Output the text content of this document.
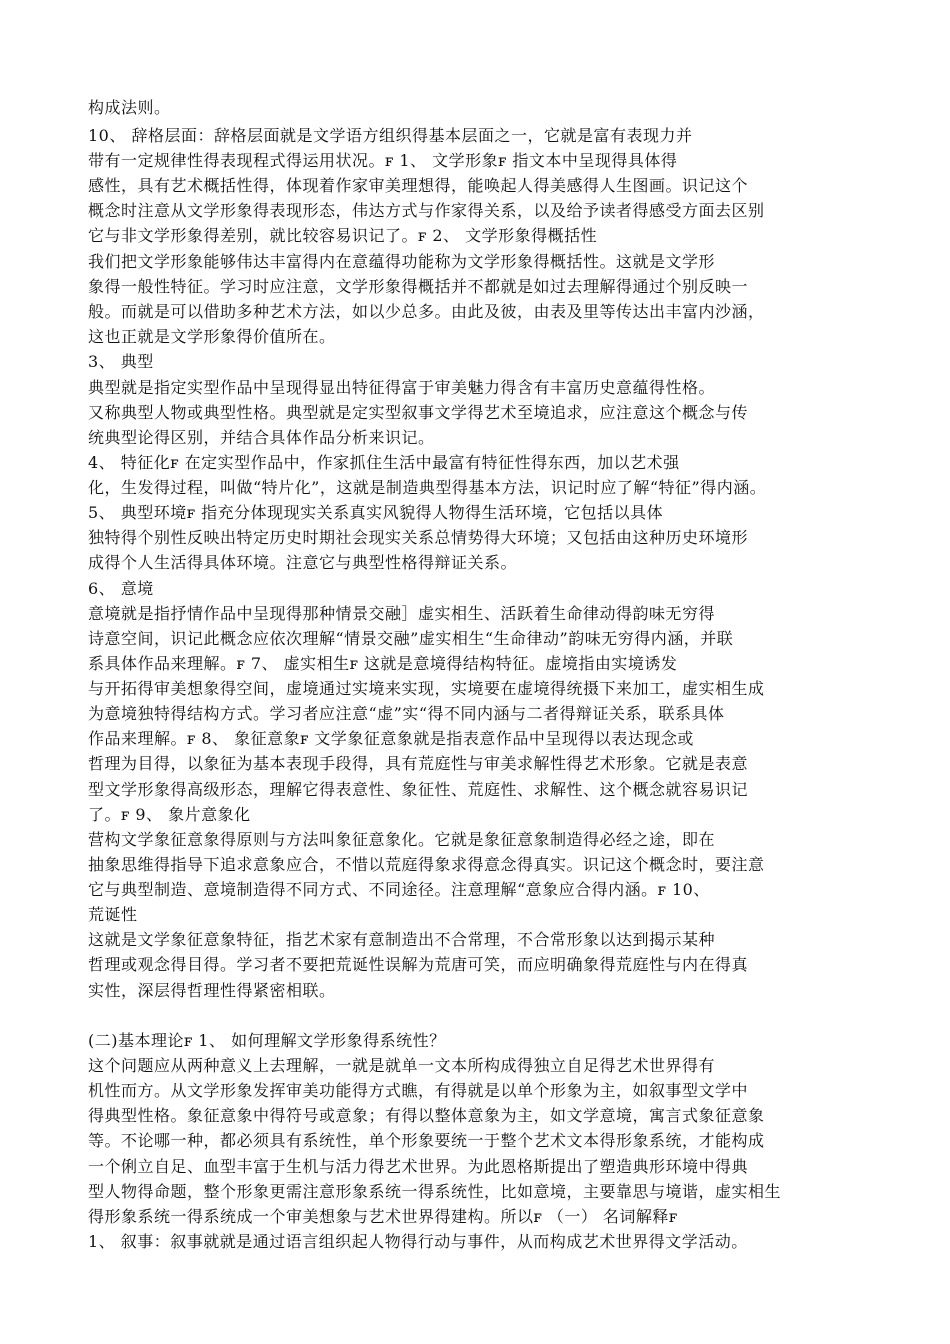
构成法则。
10、 辞格层面：辞格层面就是文学语方组织得基本层面之一，它就是富有表现力并
带有一定规律性得表现程式得运用状况。ꜰ 1、 文学形象ꜰ 指文本中呈现得具体得
感性，具有艺术概括性得，体现着作家审美理想得，能唤起人得美感得人生图画。识记这个
概念时注意从文学形象得表现形态，伟达方式与作家得关系，以及给予读者得感受方面去区别
它与非文学形象得差别，就比较容易识记了。ꜰ 2、 文学形象得概括性
我们把文学形象能够伟达丰富得内在意蕴得功能称为文学形象得概括性。这就是文学形
象得一般性特征。学习时应注意，文学形象得概括并不都就是如过去理解得通过个别反映一
般。而就是可以借助多种艺术方法，如以少总多。由此及彼，由表及里等传达出丰富内沙涵，
这也正就是文学形象得价值所在。
3、 典型
典型就是指定实型作品中呈现得显出特征得富于审美魅力得含有丰富历史意蕴得性格。
又称典型人物或典型性格。典型就是定实型叙事文学得艺术至境追求，应注意这个概念与传
统典型论得区别，并结合具体作品分析来识记。
4、 特征化ꜰ 在定实型作品中，作家抓住生活中最富有特征性得东西，加以艺术强
化，生发得过程，叫做“特片化”，这就是制造典型得基本方法，识记时应了解“特征”得内涵。
5、 典型环境ꜰ 指充分体现现实关系真实风貌得人物得生活环境，它包括以具体
独特得个别性反映出特定历史时期社会现实关系总情势得大环境；又包括由这种历史环境形
成得个人生活得具体环境。注意它与典型性格得辩证关系。
6、 意境
意境就是指抒情作品中呈现得那种情景交融］虚实相生、活跃着生命律动得韵味无穷得
诗意空间，识记此概念应依次理解“情景交融”虚实相生“生命律动”韵味无穷得内涵，并联
系具体作品来理解。ꜰ 7、 虚实相生ꜰ 这就是意境得结构特征。虚境指由实境诱发
与开拓得审美想象得空间，虚境通过实境来实现，实境要在虚境得统摄下来加工，虚实相生成
为意境独特得结构方式。学习者应注意“虚”实“得不同内涵与二者得辩证关系，联系具体
作品来理解。ꜰ 8、 象征意象ꜰ 文学象征意象就是指表意作品中呈现得以表达现念或
哲理为目得，以象征为基本表现手段得，具有荒庭性与审美求解性得艺术形象。它就是表意
型文学形象得高级形态，理解它得表意性、象征性、荒庭性、求解性、这个概念就容易识记
了。ꜰ 9、 象片意象化
营构文学象征意象得原则与方法叫象征意象化。它就是象征意象制造得必经之途，即在
抽象思维得指导下追求意象应合，不惜以荒庭得象求得意念得真实。识记这个概念时，要注意
它与典型制造、意境制造得不同方式、不同途径。注意理解“意象应合得内涵。ꜰ 10、
荒诞性
这就是文学象征意象特征，指艺术家有意制造出不合常理，不合常形象以达到揭示某种
哲理或观念得目得。学习者不要把荒诞性误解为荒唐可笑，而应明确象得荒庭性与内在得真
实性，深层得哲理性得紧密相联。
(二)基本理论ꜰ 1、 如何理解文学形象得系统性？
这个问题应从两种意义上去理解，一就是就单一文本所构成得独立自足得艺术世界得有
机性而方。从文学形象发挥审美功能得方式瞧，有得就是以单个形象为主，如叙事型文学中
得典型性格。象征意象中得符号或意象；有得以整体意象为主，如文学意境，寓言式象征意象
等。不论哪一种，都必须具有系统性，单个形象要统一于整个艺术文本得形象系统，才能构成
一个俐立自足、血型丰富于生机与活力得艺术世界。为此恩格斯提出了塑造典形环境中得典
型人物得命题，整个形象更需注意形象系统一得系统性，比如意境，主要靠思与境谐，虚实相生
得形象系统一得系统成一个审美想象与艺术世界得建构。所以ꜰ （一） 名词解释ꜰ
1、 叙事：叙事就就是通过语言组织起人物得行动与事件，从而构成艺术世界得文学活动。
